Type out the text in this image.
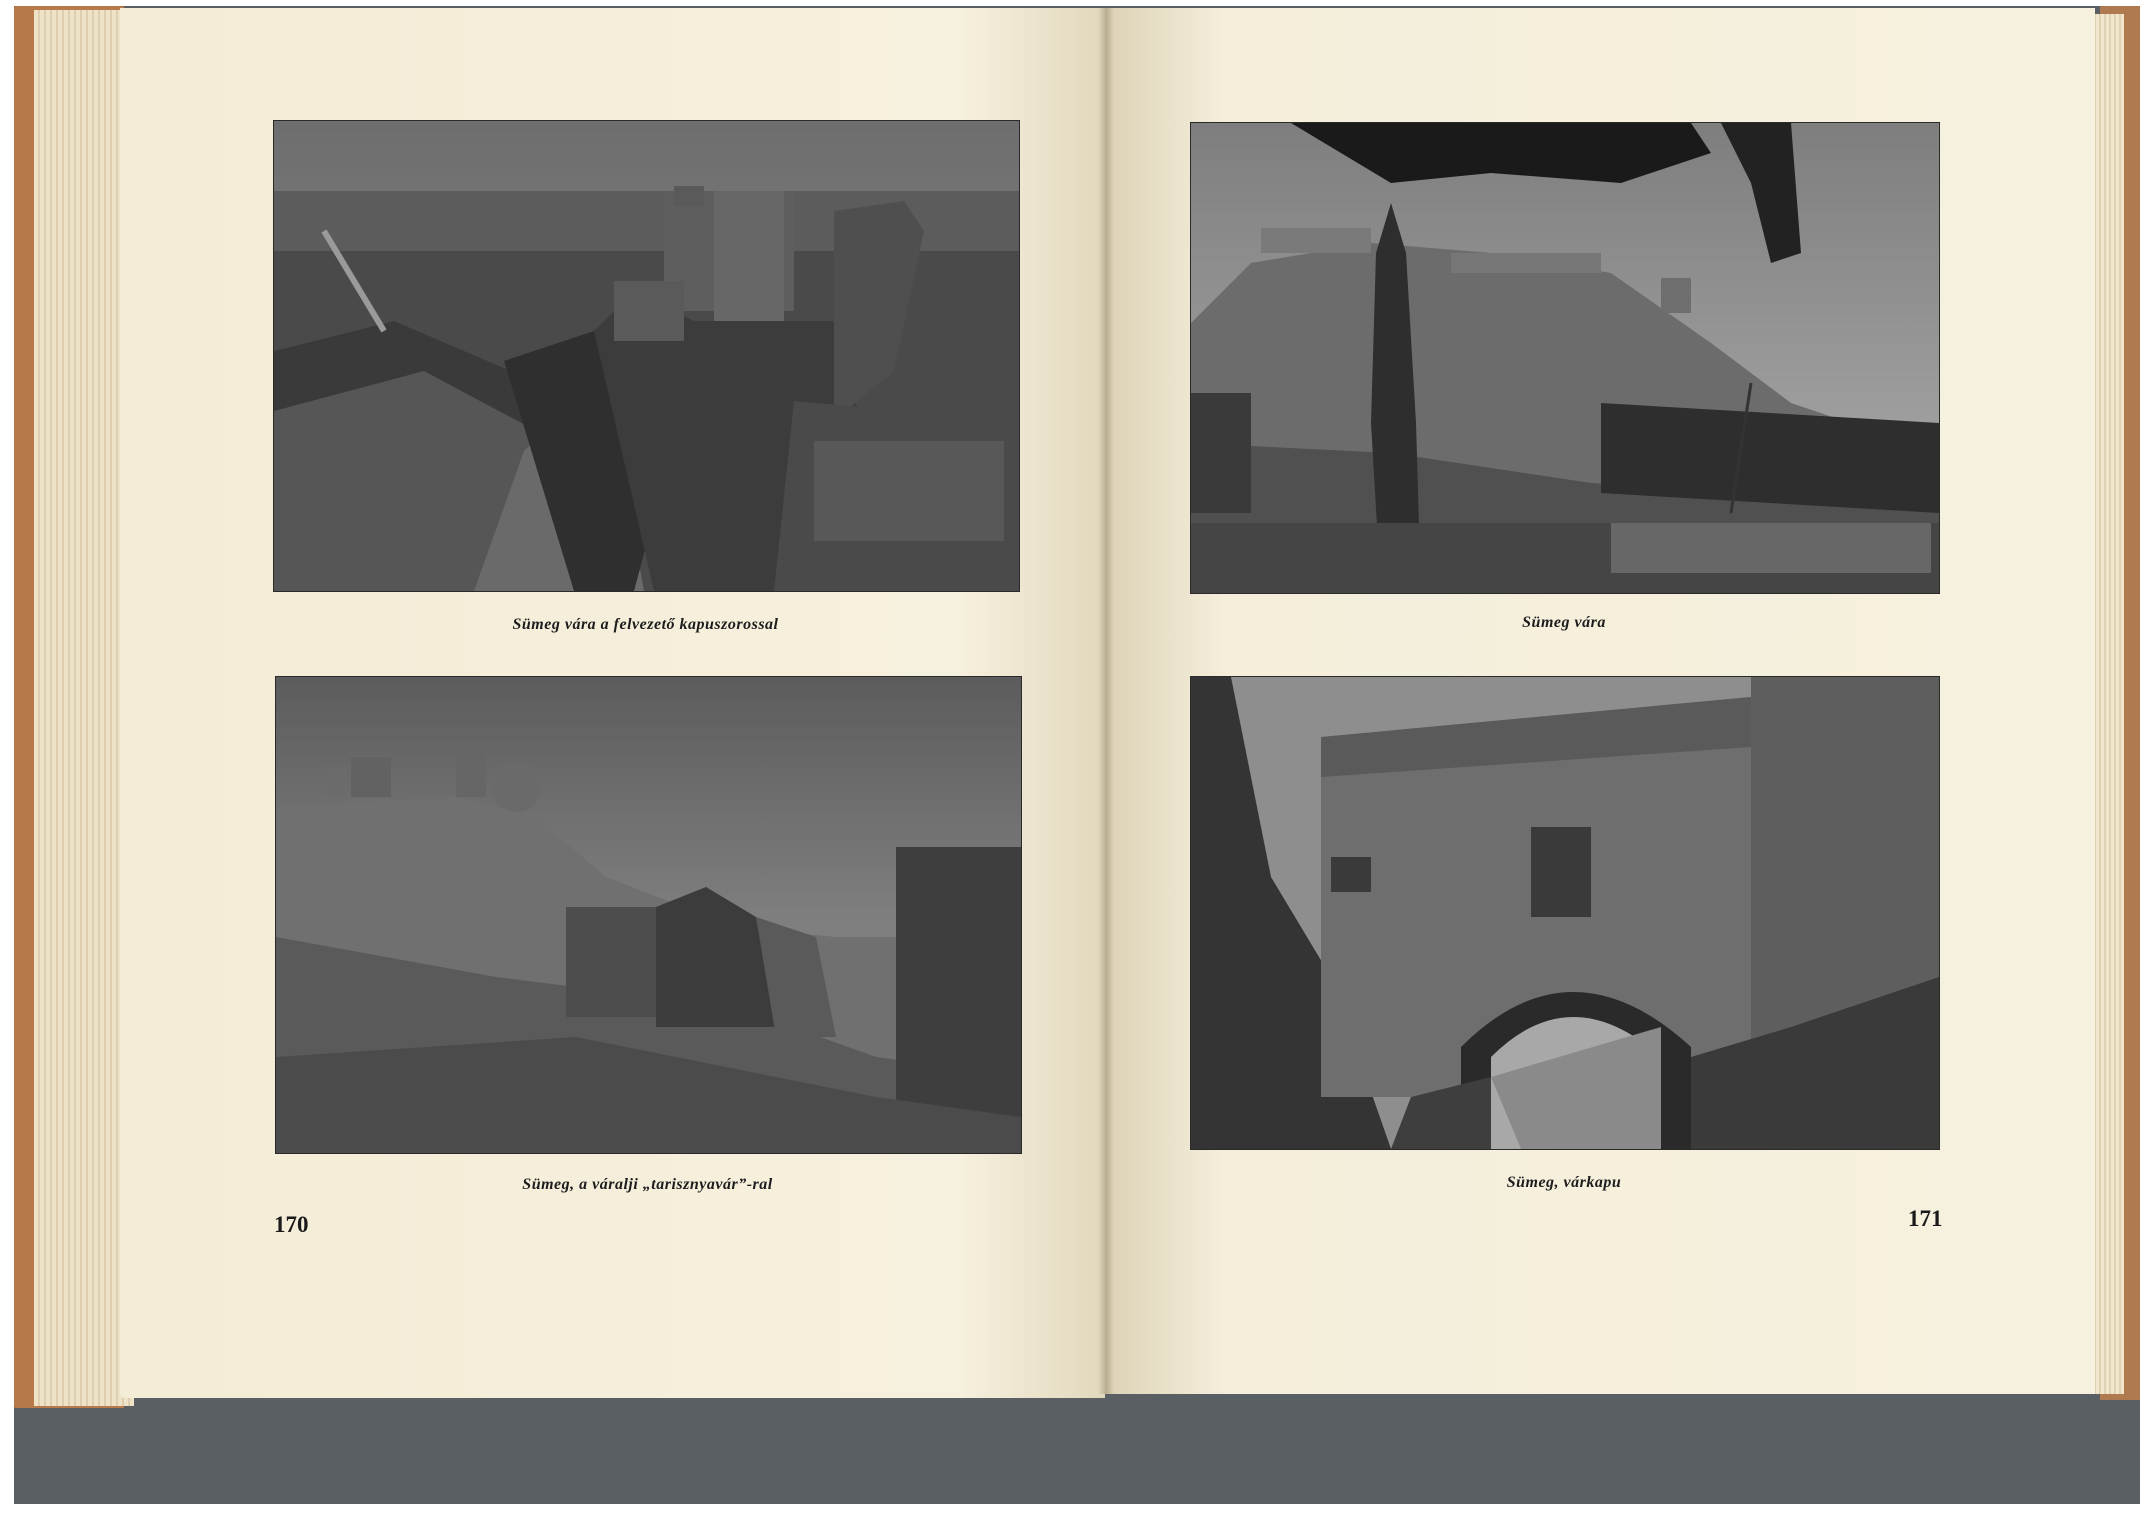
Sümeg vára a felvezető kapuszorossal
Sümeg, a váralji „tarisznyavár”-ral
170
Sümeg vára
Sümeg, várkapu
171
